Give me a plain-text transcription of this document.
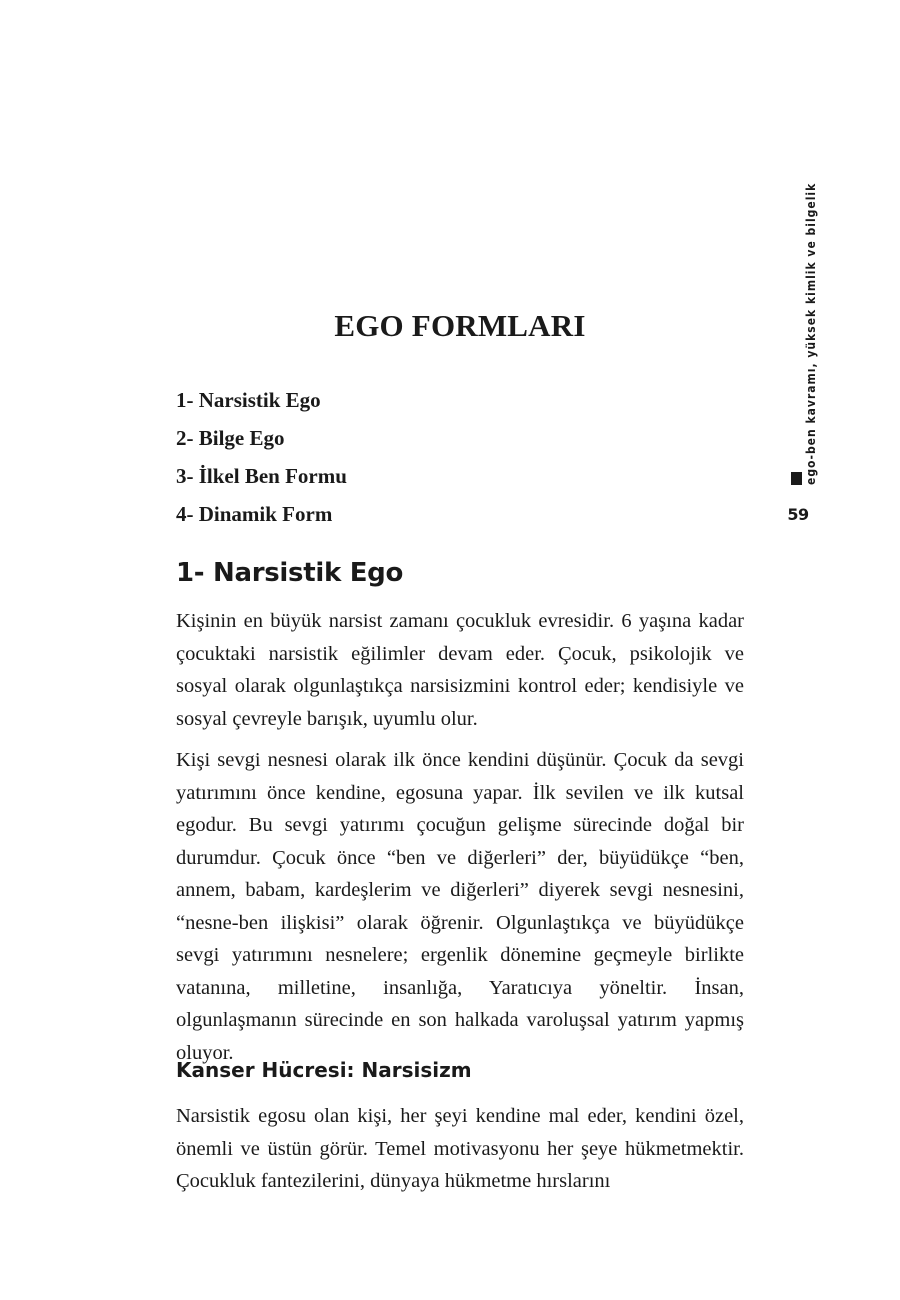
EGO FORMLARI
1- Narsistik Ego
2- Bilge Ego
3- İlkel Ben Formu
4- Dinamik Form
1- Narsistik Ego

Kişinin en büyük narsist zamanı çocukluk evresidir. 6 yaşına kadar çocuktaki narsistik eğilimler devam eder. Çocuk, psikolojik ve sosyal olarak olgunlaştıkça narsisizmini kontrol eder; kendisiyle ve sosyal çevreyle barışık, uyumlu olur.

Kişi sevgi nesnesi olarak ilk önce kendini düşünür. Çocuk da sevgi yatırımını önce kendine, egosuna yapar. İlk sevilen ve ilk kutsal egodur. Bu sevgi yatırımı çocuğun gelişme sürecinde doğal bir durumdur. Çocuk önce “ben ve diğerleri” der, büyüdükçe “ben, annem, babam, kardeşlerim ve diğerleri” diyerek sevgi nesnesini, “nesne-ben ilişkisi” olarak öğrenir. Olgunlaştıkça ve büyüdükçe sevgi yatırımını nesnelere; ergenlik dönemine geçmeyle birlikte vatanına, milletine, insanlığa, Yaratıcıya yöneltir. İnsan, olgunlaşmanın sürecinde en son halkada varoluşsal yatırım yapmış oluyor.

Kanser Hücresi: Narsisizm

Narsistik egosu olan kişi, her şeyi kendine mal eder, kendini özel, önemli ve üstün görür. Temel motivasyonu her şeye hükmetmektir. Çocukluk fantezilerini, dünyaya hükmetme hırslarını

ego-ben kavramı, yüksek kimlik ve bilgelik
59
